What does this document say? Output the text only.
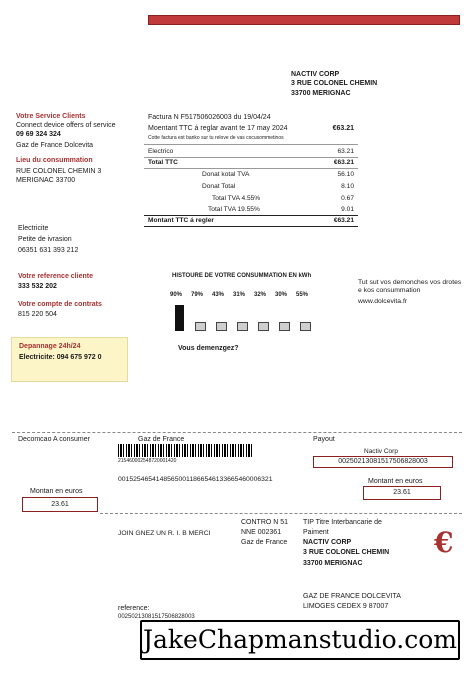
NACTIV CORP
3 RUE COLONEL CHEMIN
33700 MERIGNAC
Votre Service Clients
Connect device offers of service
09 69 324 324
Gaz de France Dolcevita
Lieu du consummation
RUE COLONEL CHEMIN 3
MERIGNAC 33700
Electricite
Petite de ivrasion
06351 631 393 212
Votre reference cliente
333 532 202
Votre compte de contrats
815 220 504
Depannage 24h/24
Electricite: 094 675 972 0
Factura N F517506026003 du 19/04/24
Moentant TTC á reglar avant te 17 may 2024	€63.21
Cotte factura est banko sur tu relove de vas cocusommetinos
Electrico	63.21
Total TTC	€63.21
Donat kotal TVA	56.10
Donat Total	8.10
Total TVA 4.55%	0.67
Total TVA 19.55%	9.01
Montant TTC á regler	€63.21
HISTOURE DE VOTRE CONSUMMATION EN kWh
90% 79% 43% 31% 32% 30% 55%
Vous demenzgez?
Tut sut vos demonches vos drotes e kos consummation
www.dolcevita.fr
Decomcao A consumer	Gaz de France	Payout
Nactiv Corp
215460002548720001420	00250213081517506828003
00152546541485650011866546133665460006321
Montan en euros
23.61
Montant en euros
23.61
JOIN GNEZ UN R. I. B MERCI
CONTRO N 51
NNE 002361
Gaz de France
TIP Titre Interbancarie de
Paiment
NACTIV CORP
3 RUE COLONEL CHEMIN
33700 MERIGNAC
€
GAZ DE FRANCE DOLCEVITA
LIMOGES CEDEX 9 87007
reference:
00250213081517506828003
JakeChapmanstudio.com
